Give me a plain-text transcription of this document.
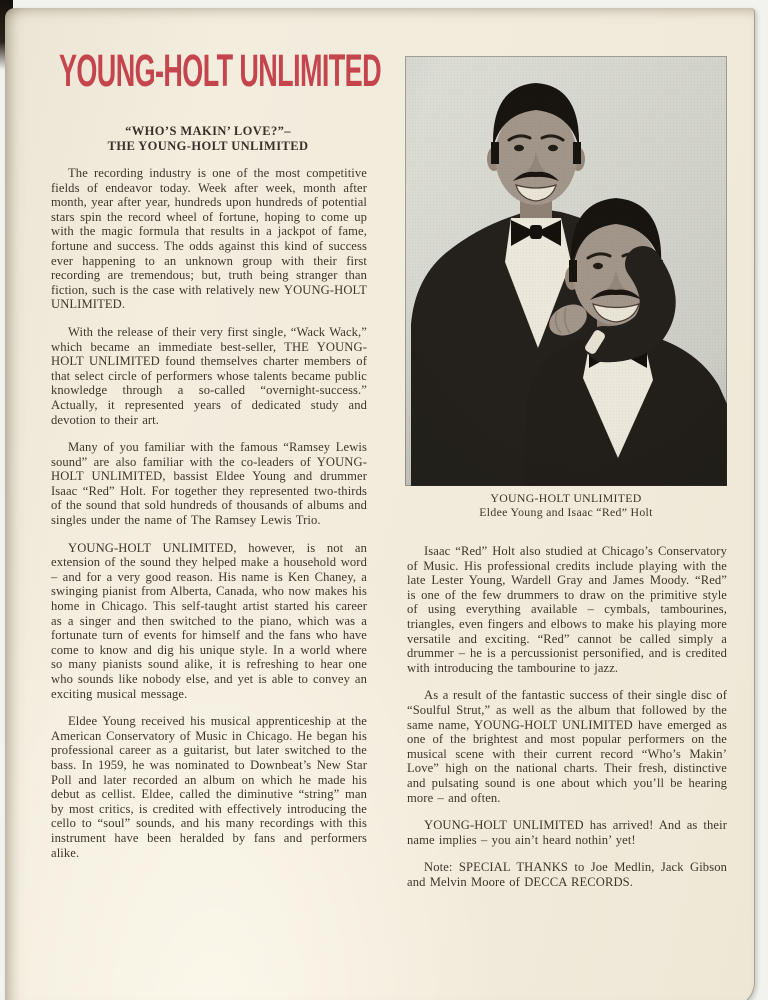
YOUNG-HOLT UNLIMITED
“WHO’S MAKIN’ LOVE?”–
THE YOUNG-HOLT UNLIMITED

The recording industry is one of the most competitive fields of endeavor today. Week after week, month after month, year after year, hundreds upon hundreds of potential stars spin the record wheel of fortune, hoping to come up with the magic formula that results in a jackpot of fame, fortune and success. The odds against this kind of success ever happening to an unknown group with their first recording are tremendous; but, truth being stranger than fiction, such is the case with relatively new YOUNG-HOLT UNLIMITED.

With the release of their very first single, “Wack Wack,” which became an immediate best-seller, THE YOUNG-HOLT UNLIMITED found themselves charter members of that select circle of performers whose talents became public knowledge through a so-called “overnight-success.” Actually, it represented years of dedicated study and devotion to their art.

Many of you familiar with the famous “Ramsey Lewis sound” are also familiar with the co-leaders of YOUNG-HOLT UNLIMITED, bassist Eldee Young and drummer Isaac “Red” Holt. For together they represented two-thirds of the sound that sold hundreds of thousands of albums and singles under the name of The Ramsey Lewis Trio.

YOUNG-HOLT UNLIMITED, however, is not an extension of the sound they helped make a household word – and for a very good reason. His name is Ken Chaney, a swinging pianist from Alberta, Canada, who now makes his home in Chicago. This self-taught artist started his career as a singer and then switched to the piano, which was a fortunate turn of events for himself and the fans who have come to know and dig his unique style. In a world where so many pianists sound alike, it is refreshing to hear one who sounds like nobody else, and yet is able to convey an exciting musical message.

Eldee Young received his musical apprenticeship at the American Conservatory of Music in Chicago. He began his professional career as a guitarist, but later switched to the bass. In 1959, he was nominated to Downbeat’s New Star Poll and later recorded an album on which he made his debut as cellist. Eldee, called the diminutive “string” man by most critics, is credited with effectively introducing the cello to “soul” sounds, and his many recordings with this instrument have been heralded by fans and performers alike.

YOUNG-HOLT UNLIMITED
Eldee Young and Isaac “Red” Holt

Isaac “Red” Holt also studied at Chicago’s Conservatory of Music. His professional credits include playing with the late Lester Young, Wardell Gray and James Moody. “Red” is one of the few drummers to draw on the primitive style of using everything available – cymbals, tambourines, triangles, even fingers and elbows to make his playing more versatile and exciting. “Red” cannot be called simply a drummer – he is a percussionist personified, and is credited with introducing the tambourine to jazz.

As a result of the fantastic success of their single disc of “Soulful Strut,” as well as the album that followed by the same name, YOUNG-HOLT UNLIMITED have emerged as one of the brightest and most popular performers on the musical scene with their current record “Who’s Makin’ Love” high on the national charts. Their fresh, distinctive and pulsating sound is one about which you’ll be hearing more – and often.

YOUNG-HOLT UNLIMITED has arrived! And as their name implies – you ain’t heard nothin’ yet!

Note: SPECIAL THANKS to Joe Medlin, Jack Gibson and Melvin Moore of DECCA RECORDS.
